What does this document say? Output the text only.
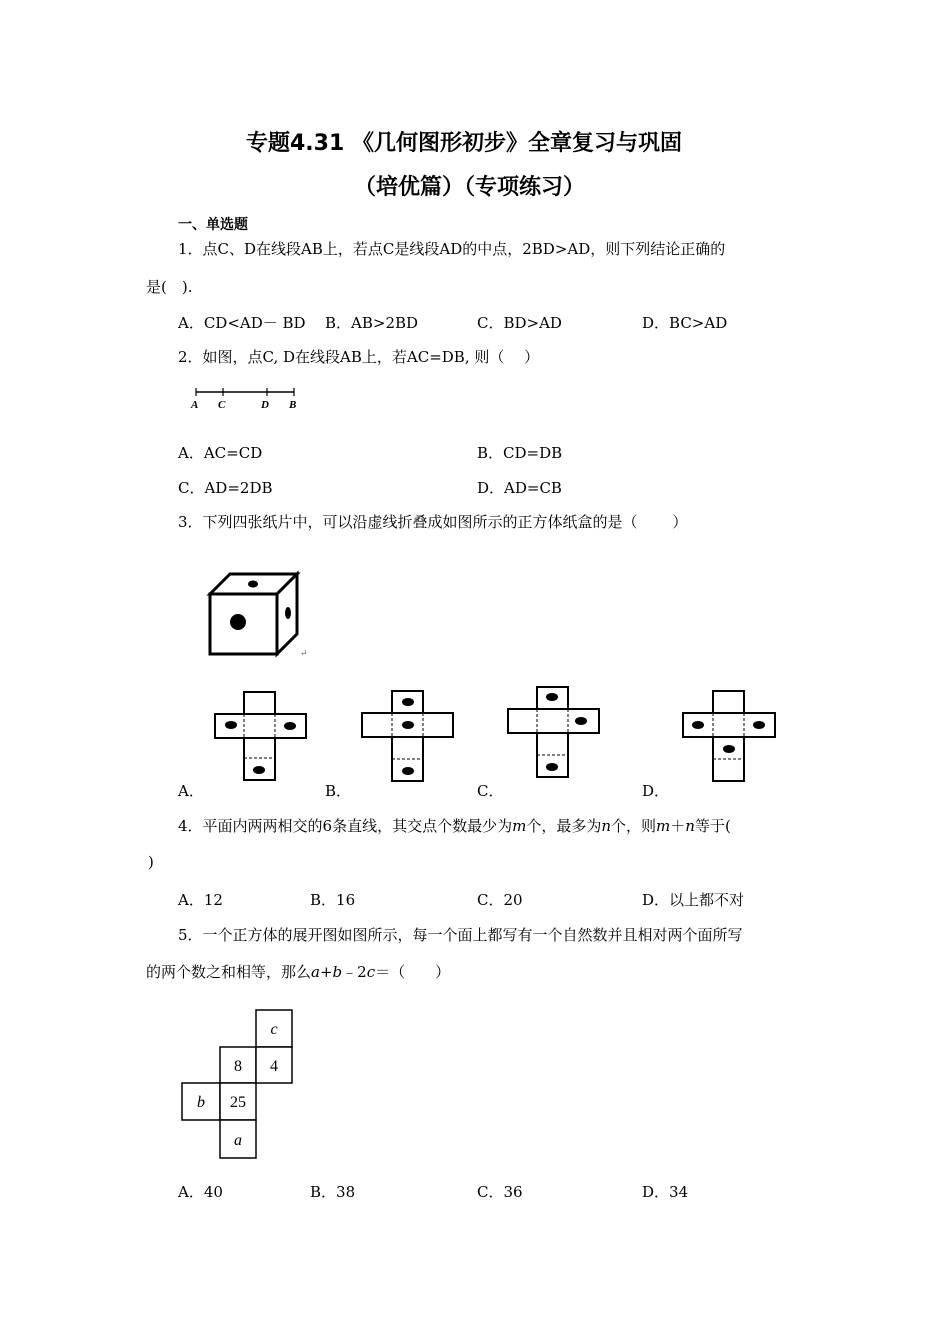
专题4.31 《几何图形初步》全章复习与巩固
（培优篇）（专项练习）
一、单选题
1．点C、D在线段AB上，若点C是线段AD的中点，2BD>AD，则下列结论正确的
是(　).
A．CD<AD－ BD B．AB>2BD	C．BD>AD	D．BC>AD
2．如图，点C, D在线段AB上，若AC=DB, 则（　 ）
A C	D B
A．AC=CD	B．CD=DB
C．AD=2DB	D．AD=CB
3．下列四张纸片中，可以沿虚线折叠成如图所示的正方体纸盒的是（　　 ）
↵
A．	B．	C．	D．
4．平面内两两相交的6条直线，其交点个数最少为m个，最多为n个，则m＋n等于(
)
A．12	B．16	C．20	D．以上都不对
5．一个正方体的展开图如图所示，每一个面上都写有一个自然数并且相对两个面所写
的两个数之和相等，那么a+b﹣2c＝（　　）
c
8 4
b 25
a
A．40	B．38	C．36	D．34
